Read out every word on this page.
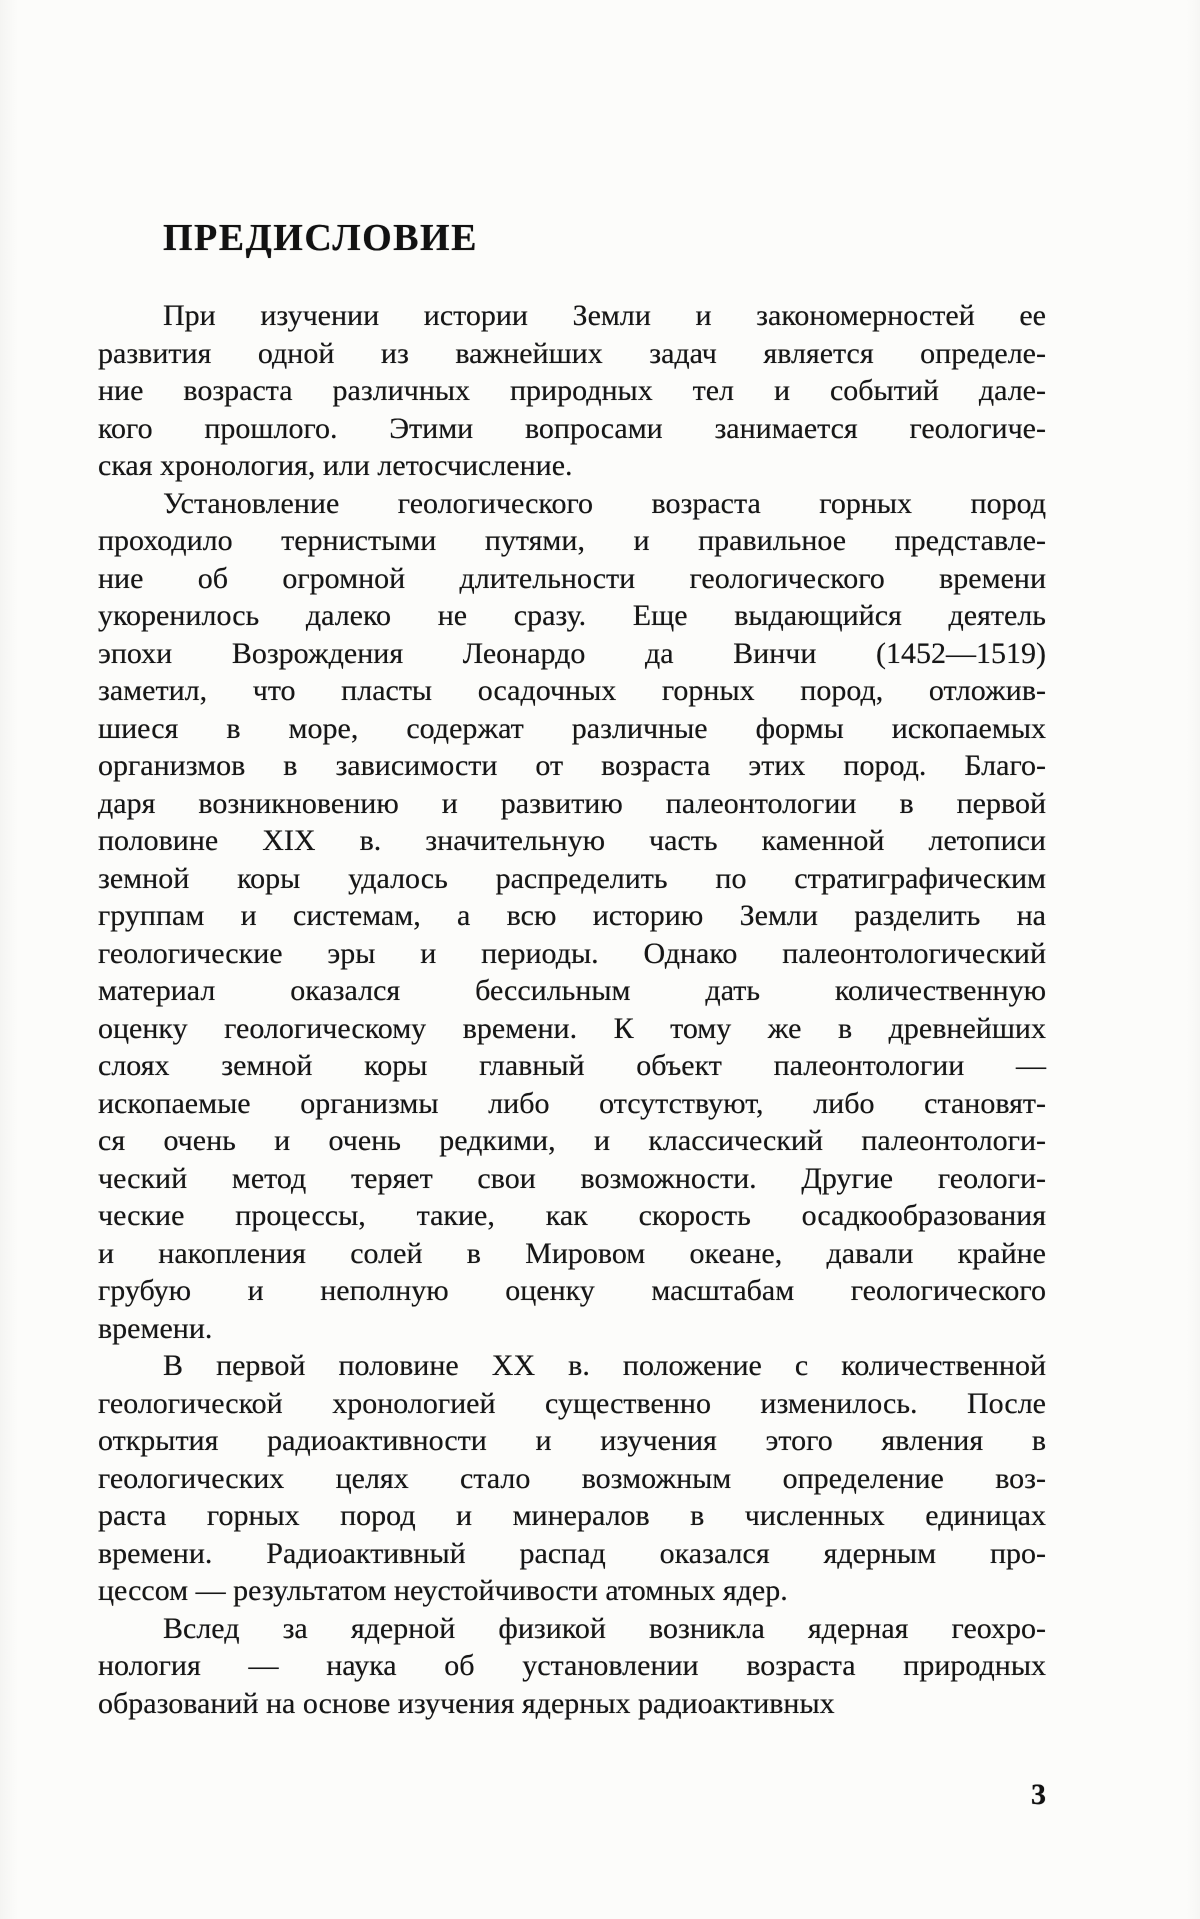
ПРЕДИСЛОВИЕ
При изучении истории Земли и закономерностей ее
развития одной из важнейших задач является определе-
ние возраста различных природных тел и событий дале-
кого прошлого. Этими вопросами занимается геологиче-
ская хронология, или летосчисление.
Установление геологического возраста горных пород
проходило тернистыми путями, и правильное представле-
ние об огромной длительности геологического времени
укоренилось далеко не сразу. Еще выдающийся деятель
эпохи Возрождения Леонардо да Винчи (1452—1519)
заметил, что пласты осадочных горных пород, отложив-
шиеся в море, содержат различные формы ископаемых
организмов в зависимости от возраста этих пород. Благо-
даря возникновению и развитию палеонтологии в первой
половине XIX в. значительную часть каменной летописи
земной коры удалось распределить по стратиграфическим
группам и системам, а всю историю Земли разделить на
геологические эры и периоды. Однако палеонтологический
материал оказался бессильным дать количественную
оценку геологическому времени. К тому же в древнейших
слоях земной коры главный объект палеонтологии —
ископаемые организмы либо отсутствуют, либо становят-
ся очень и очень редкими, и классический палеонтологи-
ческий метод теряет свои возможности. Другие геологи-
ческие процессы, такие, как скорость осадкообразования
и накопления солей в Мировом океане, давали крайне
грубую и неполную оценку масштабам геологического
времени.
В первой половине XX в. положение с количественной
геологической хронологией существенно изменилось. После
открытия радиоактивности и изучения этого явления в
геологических целях стало возможным определение воз-
раста горных пород и минералов в численных единицах
времени. Радиоактивный распад оказался ядерным про-
цессом — результатом неустойчивости атомных ядер.
Вслед за ядерной физикой возникла ядерная геохро-
нология — наука об установлении возраста природных
образований на основе изучения ядерных радиоактивных
3
